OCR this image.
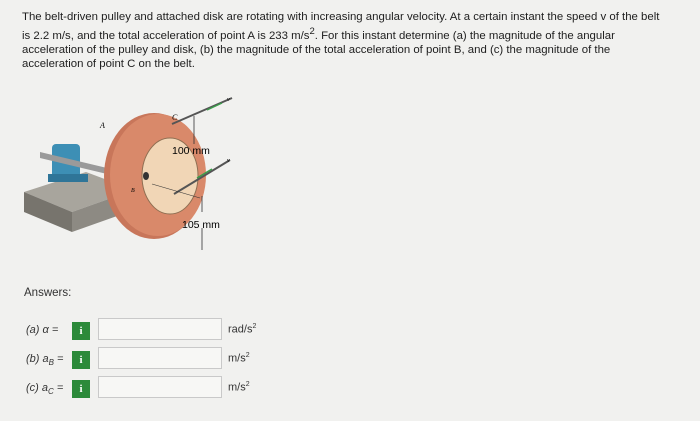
The belt-driven pulley and attached disk are rotating with increasing angular velocity. At a certain instant the speed v of the belt

is 2.2 m/s, and the total acceleration of point A is 233 $m/s^2$. For this instant determine (a) the magnitude of the angular

acceleration of the pulley and disk, (b) the magnitude of the total acceleration of point B, and (c) the magnitude of the

acceleration of point C on the belt.

A
C
B
v
v
100 mm
105 mm
Answers:
(a) α =	i	rad/$s^2$
(b) $a_B$ =	i	$m/s^2$
(c) $a_C$ =	i	$m/s^2$
